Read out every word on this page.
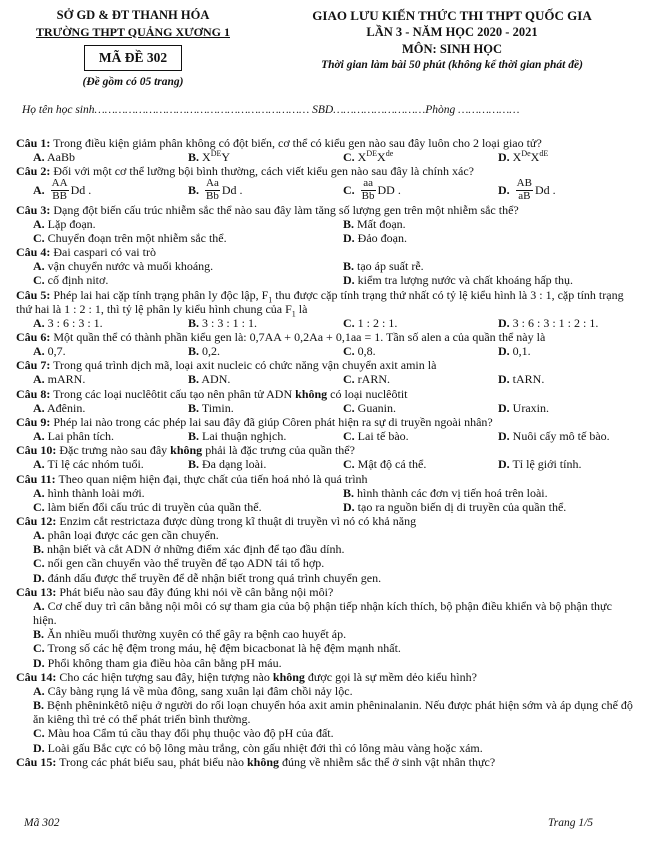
SỞ GD & ĐT THANH HÓA
TRƯỜNG THPT QUẢNG XƯƠNG 1
MÃ ĐỀ 302
(Đề gồm có 05 trang)
GIAO LƯU KIẾN THỨC THI THPT QUỐC GIA
LẦN 3 - NĂM HỌC 2020 - 2021
MÔN: SINH HỌC
Thời gian làm bài 50 phút (không kể thời gian phát đề)
Họ tên học sinh……………………………………………………… SBD………………………Phòng ………………
Câu 1: Trong điều kiện giảm phân không có đột biến, cơ thể có kiểu gen nào sau đây luôn cho 2 loại giao tử?
A. AaBb	B. XDEY	C. XDEXde	D. XDeXdE
Câu 2: Đối với một cơ thể lưỡng bội bình thường, cách viết kiểu gen nào sau đây là chính xác?
A. $\frac{AA}{BB}$ Dd .	B. $\frac{Aa}{Bb}$ Dd .	C. $\frac{aa}{Bb}$ DD .	D. $\frac{AB}{aB}$ Dd .
Câu 3: Dạng đột biến cấu trúc nhiễm sắc thể nào sau đây làm tăng số lượng gen trên một nhiễm sắc thể?
A. Lặp đoạn.	B. Mất đoạn.
C. Chuyển đoạn trên một nhiễm sắc thể.	D. Đảo đoạn.
Câu 4: Đai caspari có vai trò
A. vận chuyển nước và muối khoáng.	B. tạo áp suất rễ.
C. cố định nitơ.	D. kiểm tra lượng nước và chất khoáng hấp thụ.
Câu 5: Phép lai hai cặp tính trạng phân ly độc lập, $F_1$ thu được cặp tính trạng thứ nhất có tỷ lệ kiểu hình là 3 : 1, cặp tính trạng thứ hai là 1 : 2 : 1, thì tỷ lệ phân ly kiểu hình chung của $F_1$ là
A. 3 : 6 : 3 : 1.	B. 3 : 3 : 1 : 1.	C. 1 : 2 : 1.	D. 3 : 6 : 3 : 1 : 2 : 1.
Câu 6: Một quần thể có thành phần kiểu gen là: 0,7AA + 0,2Aa + 0,1aa = 1. Tần số alen a của quần thể này là
A. 0,7.	B. 0,2.	C. 0,8.	D. 0,1.
Câu 7: Trong quá trình dịch mã, loại axit nucleic có chức năng vận chuyển axit amin là
A. mARN.	B. ADN.	C. rARN.	D. tARN.
Câu 8: Trong các loại nuclêôtit cấu tạo nên phân tử ADN không có loại nuclêôtit
A. Ađênin.	B. Timin.	C. Guanin.	D. Uraxin.
Câu 9: Phép lai nào trong các phép lai sau đây đã giúp Côren phát hiện ra sự di truyền ngoài nhân?
A. Lai phân tích.	B. Lai thuận nghịch.	C. Lai tế bào.	D. Nuôi cấy mô tế bào.
Câu 10: Đặc trưng nào sau đây không phải là đặc trưng của quần thể?
A. Tỉ lệ các nhóm tuổi.	B. Đa dạng loài.	C. Mật độ cá thể.	D. Tỉ lệ giới tính.
Câu 11: Theo quan niệm hiện đại, thực chất của tiến hoá nhỏ là quá trình
A. hình thành loài mới.	B. hình thành các đơn vị tiến hoá trên loài.
C. làm biến đổi cấu trúc di truyền của quần thể.	D. tạo ra nguồn biến dị di truyền của quần thể.
Câu 12: Enzim cắt restrictaza được dùng trong kĩ thuật di truyền vì nó có khả năng
A. phân loại được các gen cần chuyển.
B. nhận biết và cắt ADN ở những điểm xác định để tạo đầu dính.
C. nối gen cần chuyển vào thể truyền để tạo ADN tái tổ hợp.
D. đánh dấu được thể truyền để dễ nhận biết trong quá trình chuyển gen.
Câu 13: Phát biểu nào sau đây đúng khi nói về cân bằng nội môi?
A. Cơ chế duy trì cân bằng nội môi có sự tham gia của bộ phận tiếp nhận kích thích, bộ phận điều khiển và bộ phận thực hiện.
B. Ăn nhiều muối thường xuyên có thể gây ra bệnh cao huyết áp.
C. Trong số các hệ đệm trong máu, hệ đệm bicacbonat là hệ đệm mạnh nhất.
D. Phổi không tham gia điều hòa cân bằng pH máu.
Câu 14: Cho các hiện tượng sau đây, hiện tượng nào không được gọi là sự mềm dẻo kiểu hình?
A. Cây bàng rụng lá về mùa đông, sang xuân lại đâm chồi nảy lộc.
B. Bệnh phêninkêtô niệu ở người do rối loạn chuyển hóa axit amin phêninalanin. Nếu được phát hiện sớm và áp dụng chế độ ăn kiêng thì trẻ có thể phát triển bình thường.
C. Màu hoa Cẩm tú cầu thay đổi phụ thuộc vào độ pH của đất.
D. Loài gấu Bắc cực có bộ lông màu trắng, còn gấu nhiệt đới thì có lông màu vàng hoặc xám.
Câu 15: Trong các phát biểu sau, phát biểu nào không đúng về nhiễm sắc thể ở sinh vật nhân thực?
Mã 302	Trang 1/5
